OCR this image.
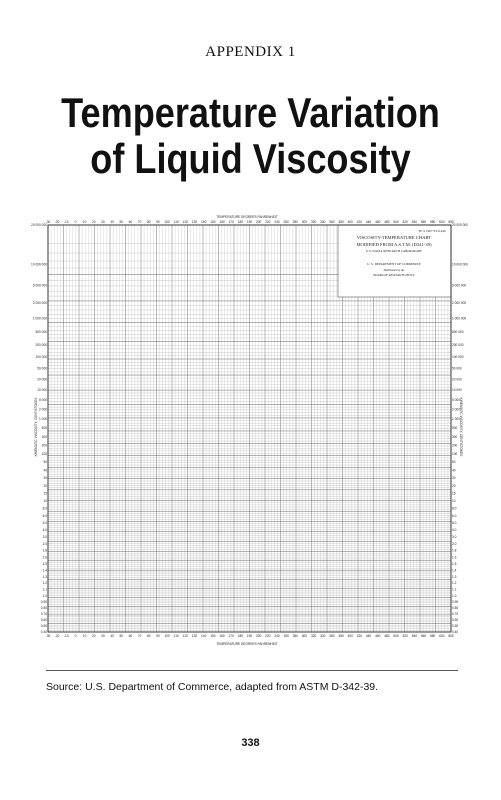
APPENDIX 1
Temperature Variation
of Liquid Viscosity
TEMPERATURE DEGREES FAHRENHEIT
TEMPERATURE DEGREES FAHRENHEIT
KINEMATIC VISCOSITY, CENTISTOKES	KINEMATIC VISCOSITY, CENTISTOKES
-30 -20 -10 0 10 20 30 40 50 60 70 80 90 100 110 120 130 140 150 160 170 180 190 200 220 240 260 280 300 320 340 360 380 400 420 440 460 480 500 520 540 560 580 600 650
-30 -20 -10 0 10 20 30 40 50 60 70 80 90 100 110 120 130 140 150 160 170 180 190 200 220 240 260 280 300 320 340 360 380 400 420 440 460 480 500 520 540 560 580 600 650
20 000 000	20 000 000
10 000 000	10 000 000
5 000 000	5 000 000
2 000 000	2 000 000
1 000 000	1 000 000
500 000	500 000
200 000	200 000
100 000	100 000
50 000	50 000
20 000	20 000
10 000	10 000
5 000	5 000
2 000	2 000
1 000	1 000
500	500
300	300
200	200
100	100
50	50
40	40
30	30
20	20
15	15
10	10
8.0	8.0
6.0	6.0
5.0	5.0
4.0	4.0
3.0	3.0
2.0	2.0
1.8	1.8
1.6	1.6
1.5	1.5
1.4	1.4
1.3	1.3
1.2	1.2
1.1	1.1
1.0	1.0
0.90	0.90
0.80	0.80
0.70	0.70
0.60	0.60
0.50	0.50
0.40	0.40
TP-S 1967 Y3-0,240
VISCOSITY-TEMPERATURE CHART
MODIFIED FROM A.S.T.M. (D341-39)
U.S. NAVAL RESEARCH LABORATORY
U. S. DEPARTMENT OF COMMERCE
Distributed by the
BOARD OF RESEARCH OFFICE
Source: U.S. Department of Commerce, adapted from ASTM D-342-39.
338
